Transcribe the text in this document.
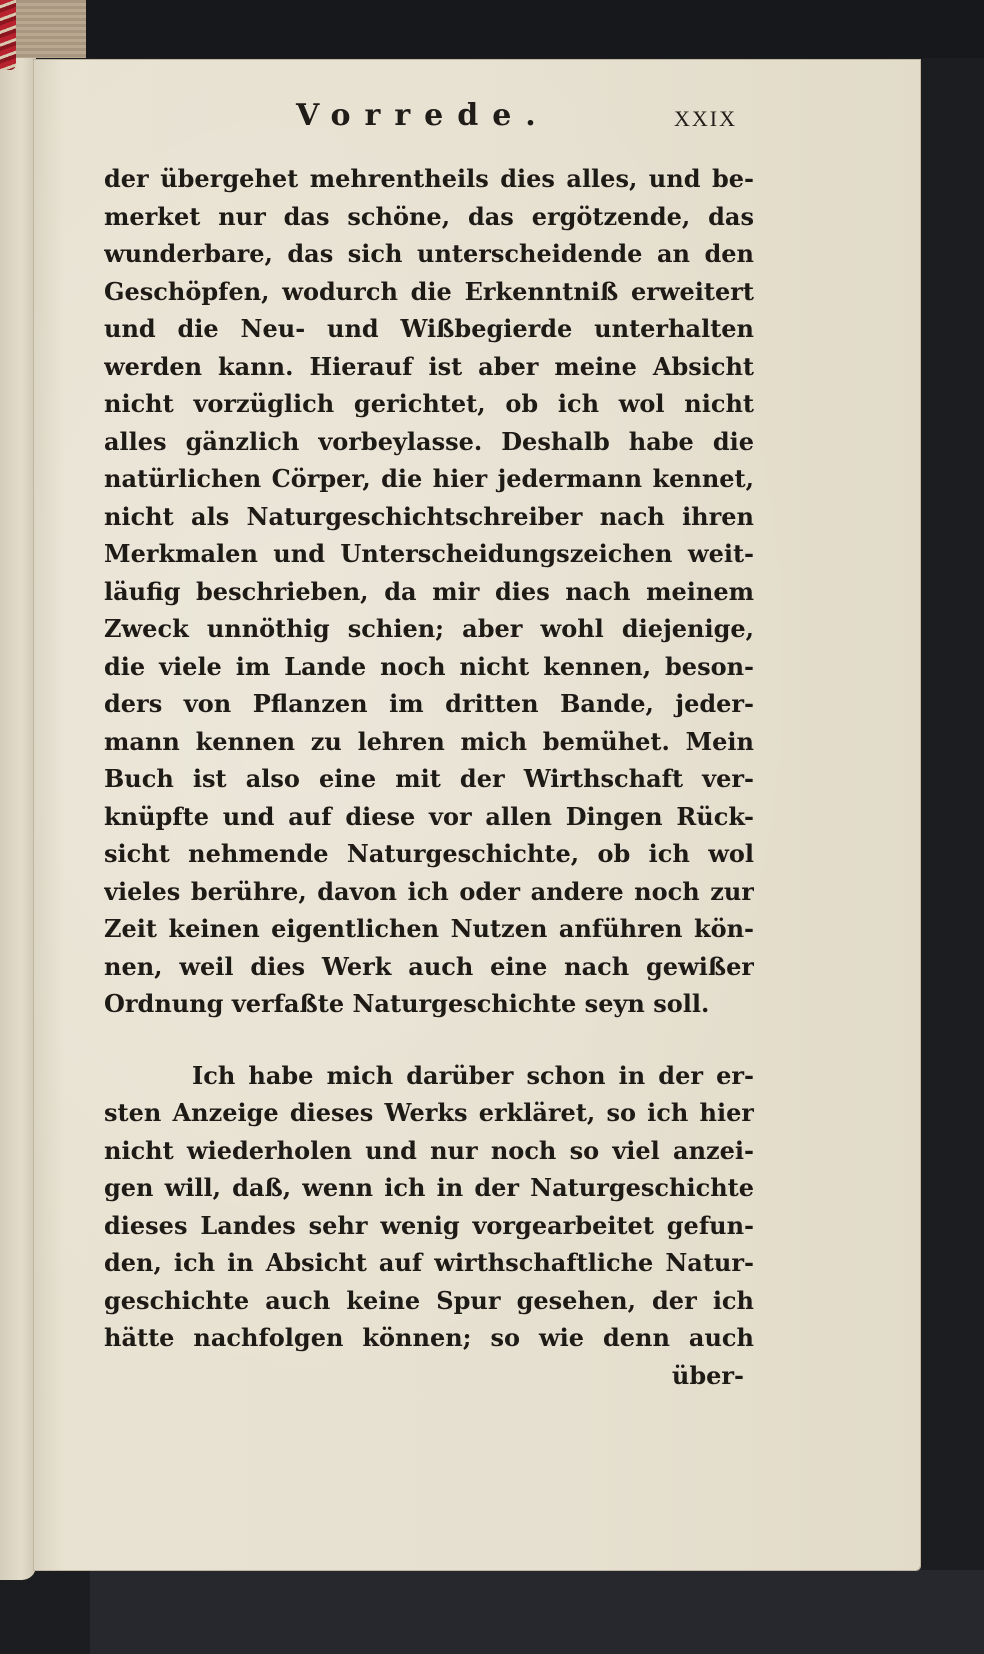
Vorrede.	XXIX
der übergehet mehrentheils dies alles, und be-
merket nur das schöne, das ergötzende, das
wunderbare, das sich unterscheidende an den
Geschöpfen, wodurch die Erkenntniß erweitert
und die Neu- und Wißbegierde unterhalten
werden kann. Hierauf ist aber meine Absicht
nicht vorzüglich gerichtet, ob ich wol nicht
alles gänzlich vorbeylasse. Deshalb habe die
natürlichen Cörper, die hier jedermann kennet,
nicht als Naturgeschichtschreiber nach ihren
Merkmalen und Unterscheidungszeichen weit-
läufig beschrieben, da mir dies nach meinem
Zweck unnöthig schien; aber wohl diejenige,
die viele im Lande noch nicht kennen, beson-
ders von Pflanzen im dritten Bande, jeder-
mann kennen zu lehren mich bemühet. Mein
Buch ist also eine mit der Wirthschaft ver-
knüpfte und auf diese vor allen Dingen Rück-
sicht nehmende Naturgeschichte, ob ich wol
vieles berühre, davon ich oder andere noch zur
Zeit keinen eigentlichen Nutzen anführen kön-
nen, weil dies Werk auch eine nach gewißer
Ordnung verfaßte Naturgeschichte seyn soll.
Ich habe mich darüber schon in der er-
sten Anzeige dieses Werks erkläret, so ich hier
nicht wiederholen und nur noch so viel anzei-
gen will, daß, wenn ich in der Naturgeschichte
dieses Landes sehr wenig vorgearbeitet gefun-
den, ich in Absicht auf wirthschaftliche Natur-
geschichte auch keine Spur gesehen, der ich
hätte nachfolgen können; so wie denn auch
über-
